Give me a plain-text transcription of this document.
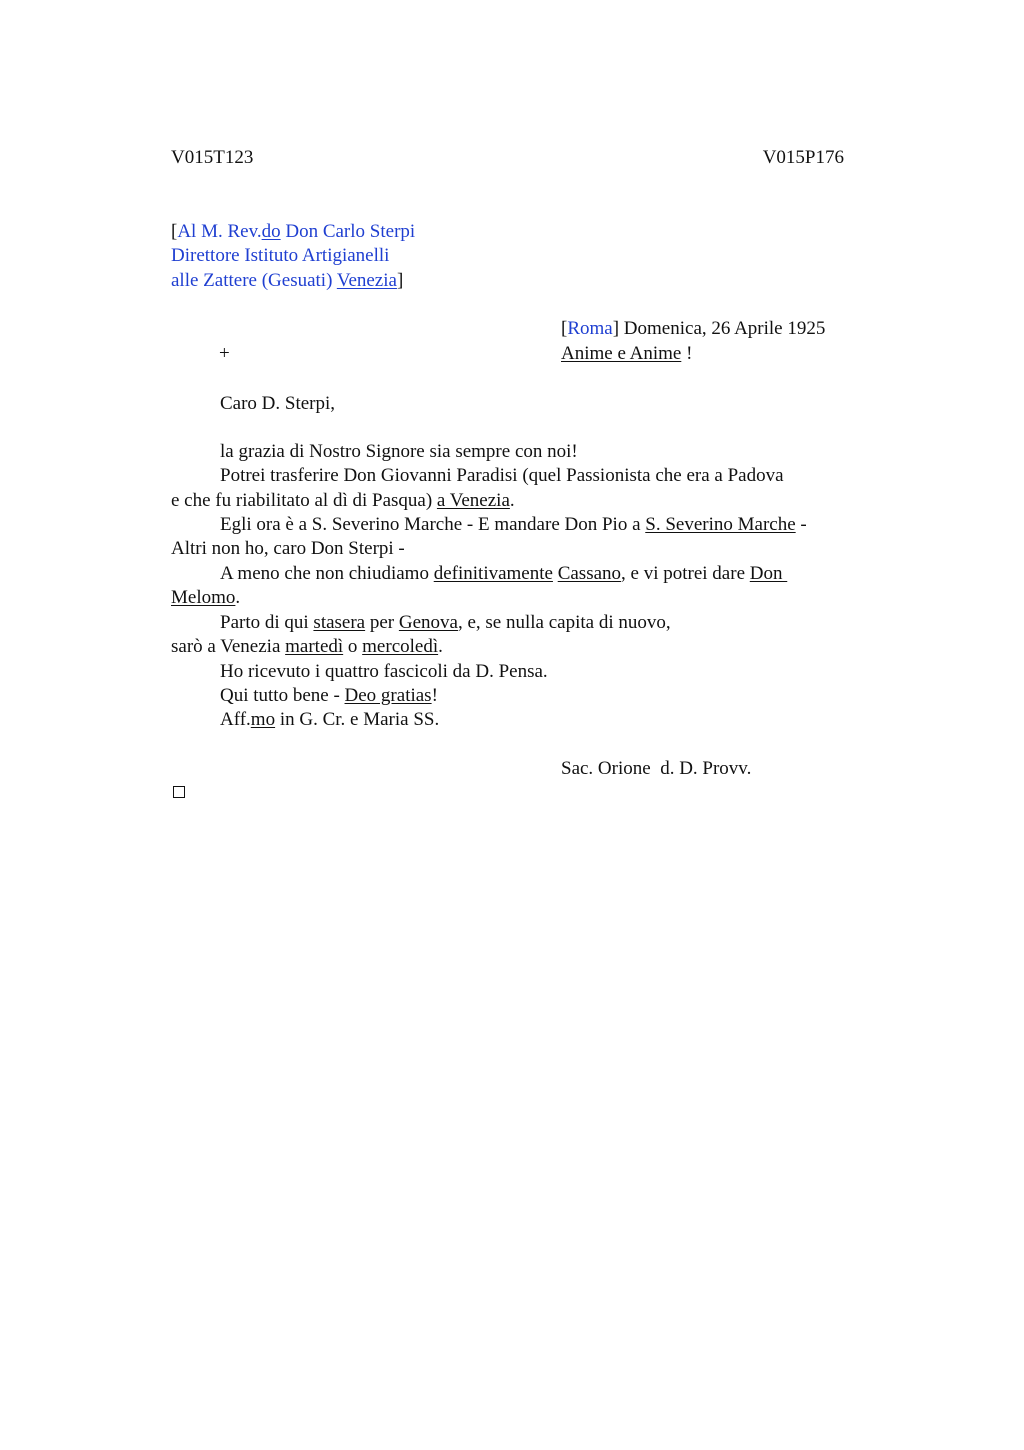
V015T123	V015P176
[Al M. Rev.do Don Carlo Sterpi
Direttore Istituto Artigianelli
alle Zattere (Gesuati) Venezia]
[Roma] Domenica, 26 Aprile 1925
Anime e Anime !
+
Caro D. Sterpi,
la grazia di Nostro Signore sia sempre con noi!
Potrei trasferire Don Giovanni Paradisi (quel Passionista che era a Padova
e che fu riabilitato al dì di Pasqua) a Venezia.
Egli ora è a S. Severino Marche - E mandare Don Pio a S. Severino Marche -
Altri non ho, caro Don Sterpi -
A meno che non chiudiamo definitivamente Cassano, e vi potrei dare Don
Melomo.
Parto di qui stasera per Genova, e, se nulla capita di nuovo,
sarò a Venezia martedì o mercoledì.
Ho ricevuto i quattro fascicoli da D. Pensa.
Qui tutto bene - Deo gratias!
Aff.mo in G. Cr. e Maria SS.
Sac. Orione  d. D. Provv.
